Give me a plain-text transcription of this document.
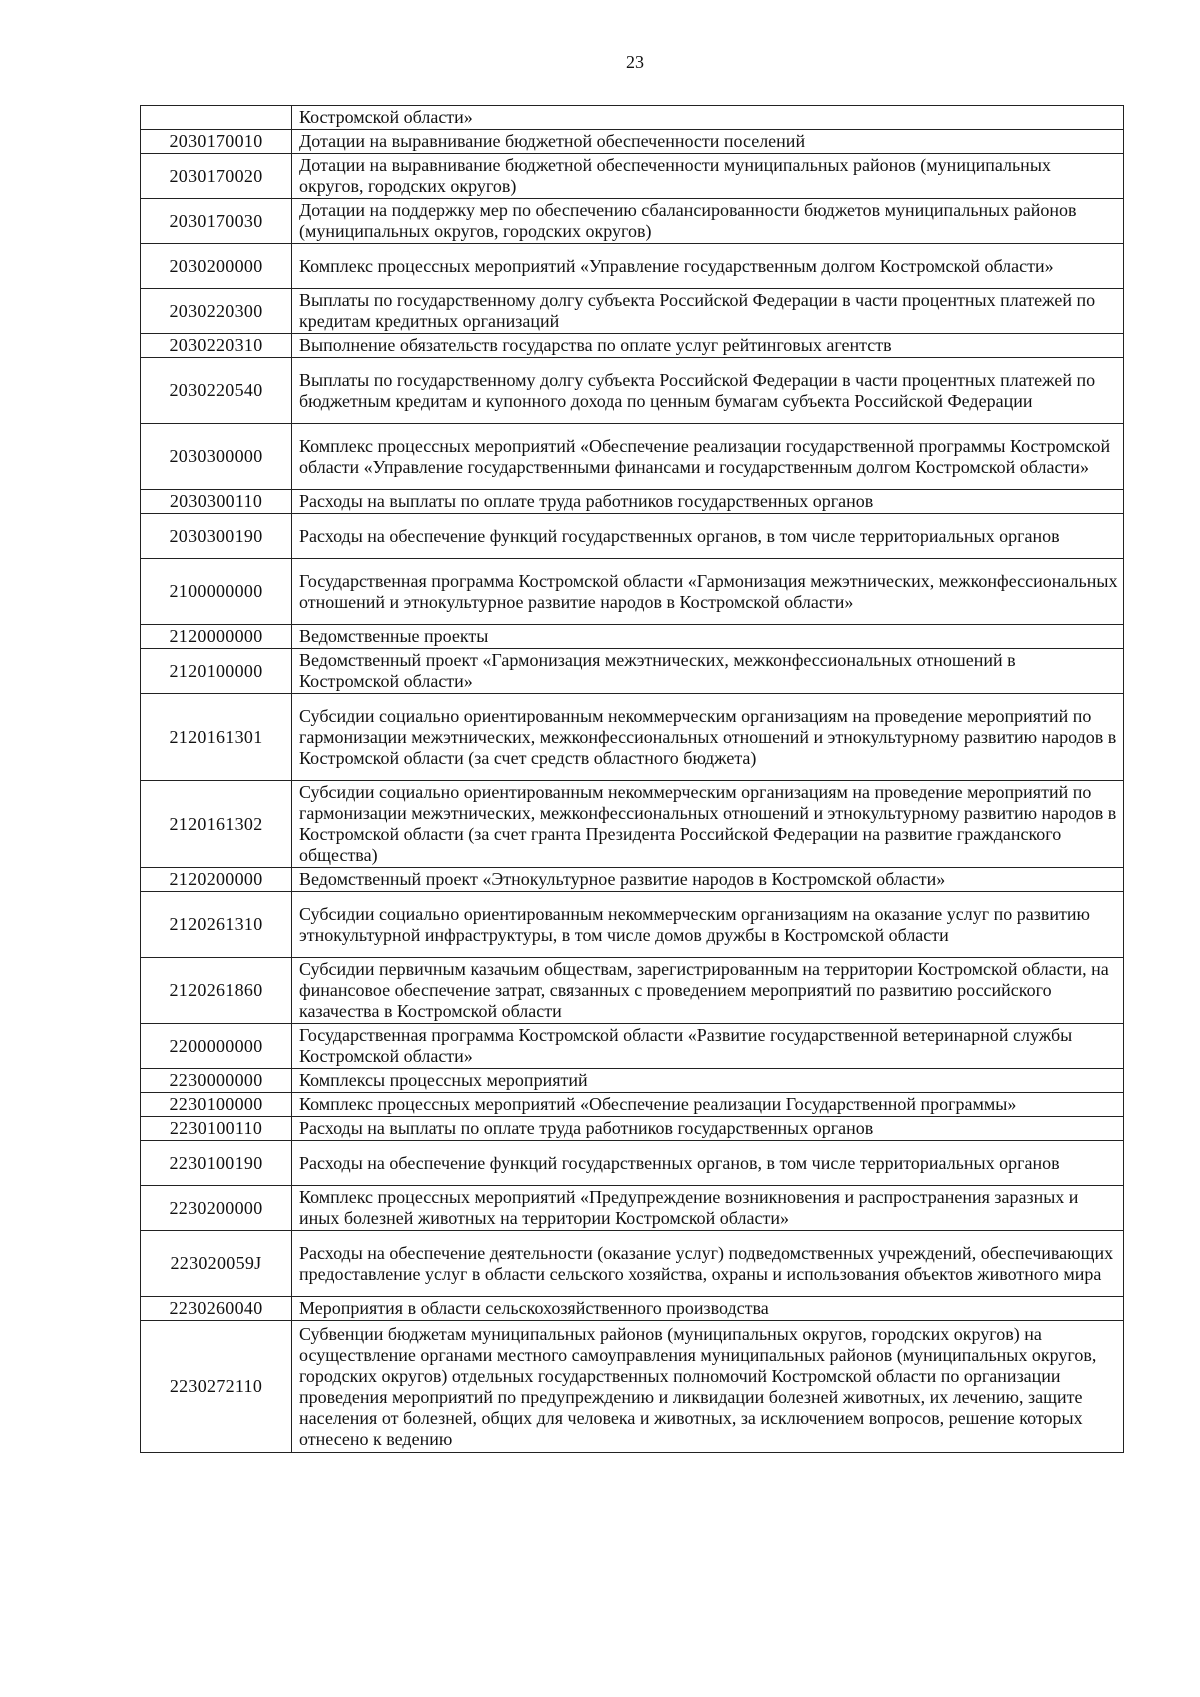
23
	Костромской области»
2030170010	Дотации на выравнивание бюджетной обеспеченности поселений
2030170020	Дотации на выравнивание бюджетной обеспеченности муниципальных районов (муниципальных округов, городских округов)
2030170030	Дотации на поддержку мер по обеспечению сбалансированности бюджетов муниципальных районов (муниципальных округов, городских округов)
2030200000	Комплекс процессных мероприятий «Управление государственным долгом Костромской области»
2030220300	Выплаты по государственному долгу субъекта Российской Федерации в части процентных платежей по кредитам кредитных организаций
2030220310	Выполнение обязательств государства по оплате услуг рейтинговых агентств
2030220540	Выплаты по государственному долгу субъекта Российской Федерации в части процентных платежей по бюджетным кредитам и купонного дохода по ценным бумагам субъекта Российской Федерации
2030300000	Комплекс процессных мероприятий «Обеспечение реализации государственной программы Костромской области «Управление государственными финансами и государственным долгом Костромской области»
2030300110	Расходы на выплаты по оплате труда работников государственных органов
2030300190	Расходы на обеспечение функций государственных органов, в том числе территориальных органов
2100000000	Государственная программа Костромской области «Гармонизация межэтнических, межконфессиональных отношений и этнокультурное развитие народов в Костромской области»
2120000000	Ведомственные проекты
2120100000	Ведомственный проект «Гармонизация межэтнических, межконфессиональных отношений в Костромской области»
2120161301	Субсидии социально ориентированным некоммерческим организациям на проведение мероприятий по гармонизации межэтнических, межконфессиональных отношений и этнокультурному развитию народов в Костромской области (за счет средств областного бюджета)
2120161302	Субсидии социально ориентированным некоммерческим организациям на проведение мероприятий по гармонизации межэтнических, межконфессиональных отношений и этнокультурному развитию народов в Костромской области (за счет гранта Президента Российской Федерации на развитие гражданского общества)
2120200000	Ведомственный проект «Этнокультурное развитие народов в Костромской области»
2120261310	Субсидии социально ориентированным некоммерческим организациям на оказание услуг по развитию этнокультурной инфраструктуры, в том числе домов дружбы в Костромской области
2120261860	Субсидии первичным казачьим обществам, зарегистрированным на территории Костромской области, на финансовое обеспечение затрат, связанных с проведением мероприятий по развитию российского казачества в Костромской области
2200000000	Государственная программа Костромской области «Развитие государственной ветеринарной службы Костромской области»
2230000000	Комплексы процессных мероприятий
2230100000	Комплекс процессных мероприятий «Обеспечение реализации Государственной программы»
2230100110	Расходы на выплаты по оплате труда работников государственных органов
2230100190	Расходы на обеспечение функций государственных органов, в том числе территориальных органов
2230200000	Комплекс процессных мероприятий «Предупреждение возникновения и распространения заразных и иных болезней животных на территории Костромской области»
223020059J	Расходы на обеспечение деятельности (оказание услуг) подведомственных учреждений, обеспечивающих предоставление услуг в области сельского хозяйства, охраны и использования объектов животного мира
2230260040	Мероприятия в области сельскохозяйственного производства
2230272110	Субвенции бюджетам муниципальных районов (муниципальных округов, городских округов) на осуществление органами местного самоуправления муниципальных районов (муниципальных округов, городских округов) отдельных государственных полномочий Костромской области по организации проведения мероприятий по предупреждению и ликвидации болезней животных, их лечению, защите населения от болезней, общих для человека и животных, за исключением вопросов, решение которых отнесено к ведению
